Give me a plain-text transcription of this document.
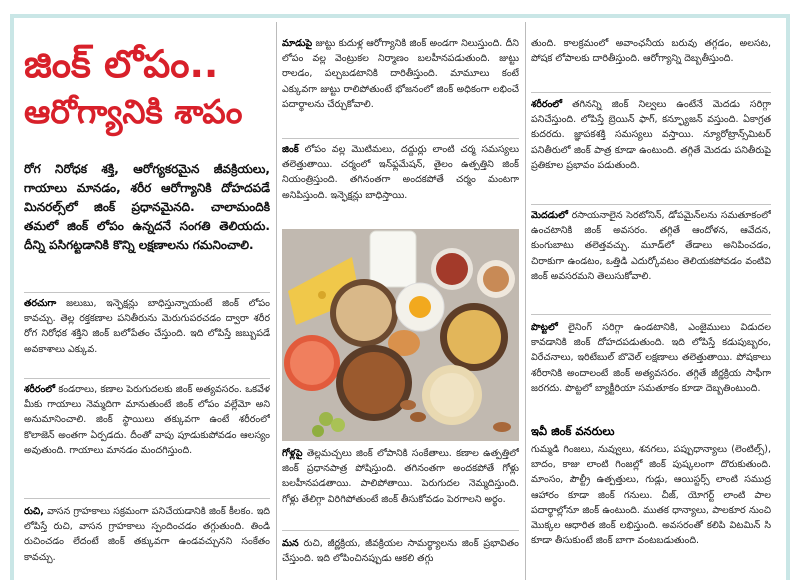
జింక్ లోపం..
ఆరోగ్యానికి శాపం
రోగ నిరోధక శక్తి, ఆరోగ్యకరమైన జీవక్రియలు, గాయాలు మానడం, శరీర ఆరోగ్యానికి దోహదపడే మినరల్స్‌లో జింక్ ప్రధానమైనది. చాలామందికి తమలో జింక్ లోపం ఉన్నదనే సంగతి తెలియదు. దీన్ని పసిగట్టడానికి కొన్ని లక్షణాలను గమనించాలి.
తరచుగా జలుబు, ఇన్ఫెక్షన్లు బాధిస్తున్నాయంటే జింక్ లోపం కావచ్చు. తెల్ల రక్తకణాల పనితీరును మెరుగుపరచడం ద్వారా శరీర రోగ నిరోధక శక్తిని జింక్ బలోపేతం చేస్తుంది. ఇది లోపిస్తే జబ్బుపడే అవకాశాలు ఎక్కువ.
శరీరంలో కండరాలు, కణాల పెరుగుదలకు జింక్ అత్యవసరం. ఒకవేళ మీకు గాయాలు నెమ్మదిగా మానుతుంటే జింక్ లోపం వల్లేమో అని అనుమానించాలి. జింక్ స్థాయిలు తక్కువగా ఉంటే శరీరంలో కొలాజెన్ అంతగా ఏర్పడదు. దీంతో వాపు పూడుకుపోవడం ఆలస్యం అవుతుంది. గాయాలు మానడం మందగిస్తుంది.
రుచి, వాసన గ్రాహకాలు సక్రమంగా పనిచేయడానికి జింక్ కీలకం. ఇది లోపిస్తే రుచి, వాసన గ్రాహకాలు స్పందించడం తగ్గుతుంది. తిండి రుచించడం లేదంటే జింక్ తక్కువగా ఉండవచ్చునని సంకేతం కావచ్చు.
మాడుపై జుట్టు కుదుళ్ల ఆరోగ్యానికి జింక్ అండగా నిలుస్తుంది. దీని లోపం వల్ల వెంట్రుకల నిర్మాణం బలహీనపడుతుంది. జుట్టు రాలడం, పల్చబడటానికి దారితీస్తుంది. మామూలు కంటే ఎక్కువగా జుట్టు రాలిపోతుంటే భోజనంలో జింక్ అధికంగా లభించే పదార్థాలను చేర్చుకోవాలి.
జింక్ లోపం వల్ల మొటిమలు, దద్దుర్లు లాంటి చర్మ సమస్యలు తలెత్తుతాయి. చర్మంలో ఇన్‌ఫ్లమేషన్, తైలం ఉత్పత్తిని జింక్ నియంత్రిస్తుంది. తగినంతగా అందకపోతే చర్మం మంటగా అనిపిస్తుంది. ఇన్ఫెక్షన్లు బాధిస్తాయి.
గోళ్లపై తెల్లమచ్చలు జింక్ లోపానికి సంకేతాలు. కణాల ఉత్పత్తిలో జింక్ ప్రధానపాత్ర పోషిస్తుంది. తగినంతగా అందకపోతే గోళ్లు బలహీనపడతాయి. పాలిపోతాయి. పెరుగుదల నెమ్మదిస్తుంది. గోళ్లు తేలిగ్గా విరిగిపోతుంటే జింక్ తీసుకోవడం పెరగాలని అర్థం.
మన రుచి, జీర్ణక్రియ, జీవక్రియల సామర్థ్యాలను జింక్ ప్రభావితం చేస్తుంది. ఇది లోపించినప్పుడు ఆకలి తగ్గు
తుంది. కాలక్రమంలో అవాంఛనీయ బరువు తగ్గడం, అలసట, పోషక లోపాలకు దారితీస్తుంది. ఆరోగ్యాన్ని దెబ్బతీస్తుంది.
శరీరంలో తగినన్ని జింక్ నిల్వలు ఉంటేనే మెదడు సరిగ్గా పనిచేస్తుంది. లోపిస్తే బ్రెయిన్ ఫాగ్, కన్ఫ్యూజన్ వస్తుంది. ఏకాగ్రత కుదరదు. జ్ఞాపకశక్తి సమస్యలు వస్తాయి. న్యూరోట్రాన్స్‌మిటర్ పనితీరులో జింక్ పాత్ర కూడా ఉంటుంది. తగ్గితే మెదడు పనితీరుపై ప్రతికూల ప్రభావం పడుతుంది.
మెదడులో రసాయనాలైన సెరటోనిన్, డోపమైన్‌లను సమతూకంలో ఉంచటానికి జింక్ అవసరం. తగ్గితే ఆందోళన, ఆవేదన, కుంగుబాటు తలెత్తవచ్చు. మూడ్‌లో తేడాలు అనిపించడం, చిరాకుగా ఉండటం, ఒత్తిడి ఎదుర్కోవటం తెలియకపోవడం వంటివి జింక్ అవసరమని తెలుసుకోవాలి.
పొట్టలో లైనింగ్ సరిగ్గా ఉండటానికి, ఎంజైములు విడుదల కావడానికి జింక్ దోహదపడుతుంది. ఇది లోపిస్తే కడుపుబ్బరం, విరేచనాలు, ఇరిటేబుల్ బొవెల్ లక్షణాలు తలెత్తుతాయి. పోషకాలు శరీరానికి అందాలంటే జింక్ అత్యవసరం. తగ్గితే జీర్ణక్రియ సాఫీగా జరగదు. పొట్టలో బ్యాక్టీరియా సమతూకం కూడా దెబ్బతింటుంది.
ఇవీ జింక్ వనరులు
గుమ్మడి గింజలు, నువ్వులు, శనగలు, పప్పుధాన్యాలు (లెంటిల్స్), బాదం, కాజు లాంటి గింజల్లో జింక్ పుష్కలంగా దొరుకుతుంది. మాంసం, పౌల్ట్రీ ఉత్పత్తులు, గుడ్లు, ఆయిస్టర్స్ లాంటి సముద్ర ఆహారం కూడా జింక్ గనులు. చీజ్, యోగర్ట్ లాంటి పాల పదార్థాల్లోనూ జింక్ ఉంటుంది. ముతక ధాన్యాలు, పాలకూర నుంచి మొక్కల ఆధారిత జింక్ లభిస్తుంది. అవసరంతో కలిపి విటమిన్ సి కూడా తీసుకుంటే జింక్ బాగా వంటబడుతుంది.
